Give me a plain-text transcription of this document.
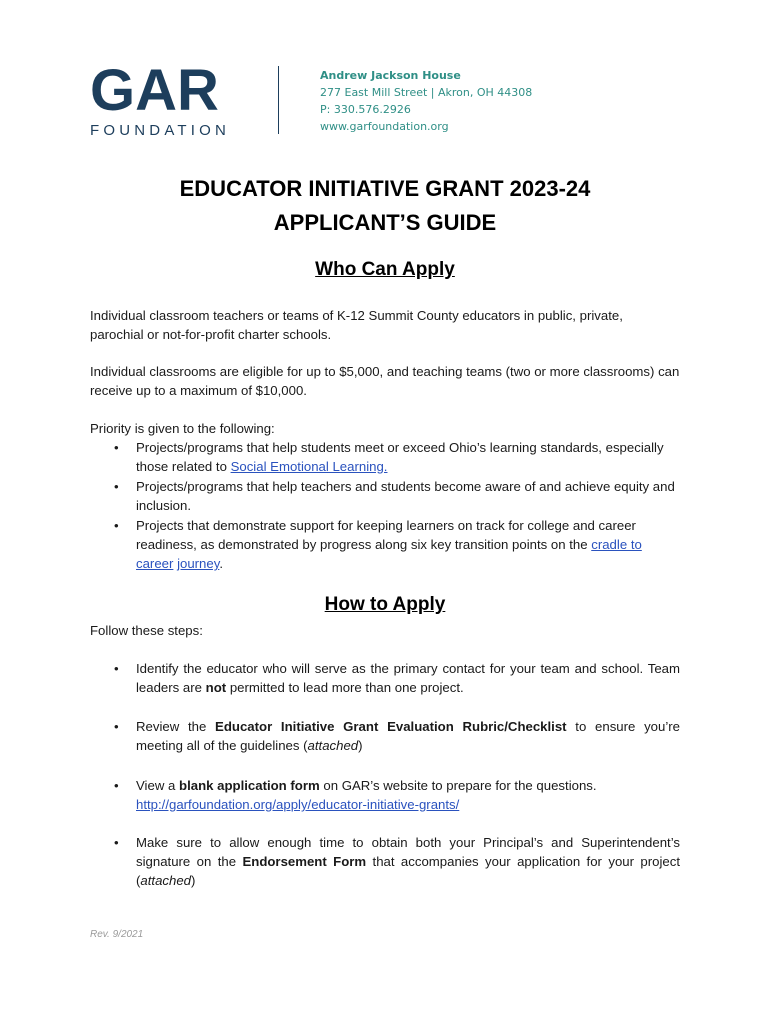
GAR
FOUNDATION
Andrew Jackson House
277 East Mill Street | Akron, OH 44308
P: 330.576.2926
www.garfoundation.org
EDUCATOR INITIATIVE GRANT 2023-24
APPLICANT’S GUIDE
Who Can Apply
Individual classroom teachers or teams of K-12 Summit County educators in public, private, parochial or not-for-profit charter schools.
Individual classrooms are eligible for up to $5,000, and teaching teams (two or more classrooms) can receive up to a maximum of $10,000.
Priority is given to the following:
•	Projects/programs that help students meet or exceed Ohio’s learning standards, especially those related to Social Emotional Learning.
•	Projects/programs that help teachers and students become aware of and achieve equity and inclusion.
•	Projects that demonstrate support for keeping learners on track for college and career readiness, as demonstrated by progress along six key transition points on the cradle to career journey.
How to Apply
Follow these steps:
•	Identify the educator who will serve as the primary contact for your team and school. Team leaders are not permitted to lead more than one project.
•	Review the Educator Initiative Grant Evaluation Rubric/Checklist to ensure you’re meeting all of the guidelines (attached)
•	View a blank application form on GAR’s website to prepare for the questions.
http://garfoundation.org/apply/educator-initiative-grants/
•	Make sure to allow enough time to obtain both your Principal’s and Superintendent’s signature on the Endorsement Form that accompanies your application for your project (attached)
Rev. 9/2021
